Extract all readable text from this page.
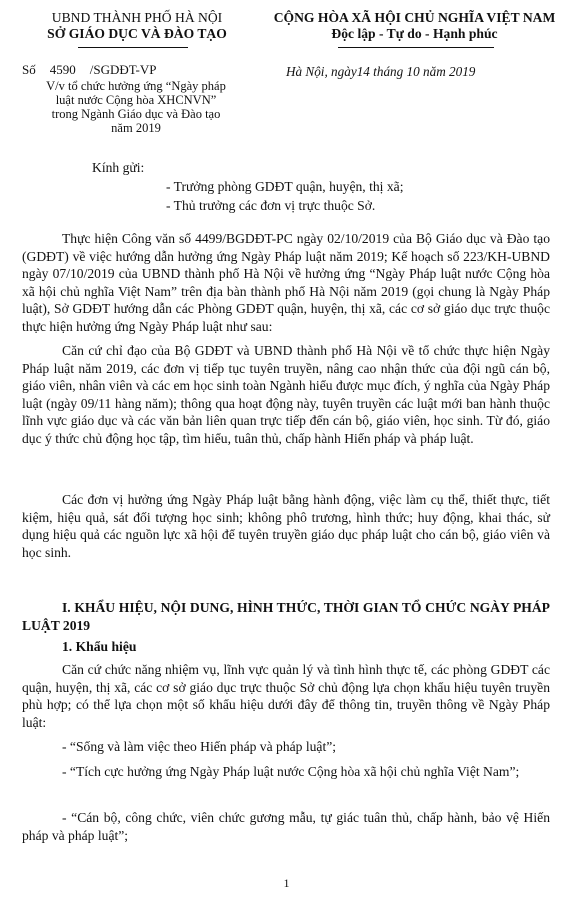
UBND THÀNH PHỐ HÀ NỘI
SỞ GIÁO DỤC VÀ ĐÀO TẠO
CỘNG HÒA XÃ HỘI CHỦ NGHĨA VIỆT NAM
Độc lập - Tự do - Hạnh phúc
Số 4590 /SGDĐT-VP
V/v tổ chức hưởng ứng “Ngày pháp
luật nước Cộng hòa XHCNVN”
trong Ngành Giáo dục và Đào tạo
năm 2019
Hà Nội, ngày14 tháng 10 năm 2019
Kính gửi:
- Trưởng phòng GDĐT quận, huyện, thị xã;
- Thủ trưởng các đơn vị trực thuộc Sở.

Thực hiện Công văn số 4499/BGDĐT-PC ngày 02/10/2019 của Bộ Giáo dục và Đào tạo (GDĐT) về việc hướng dẫn hưởng ứng Ngày Pháp luật năm 2019; Kế hoạch số 223/KH-UBND ngày 07/10/2019 của UBND thành phố Hà Nội về hưởng ứng “Ngày Pháp luật nước Cộng hòa xã hội chủ nghĩa Việt Nam” trên địa bàn thành phố Hà Nội năm 2019 (gọi chung là Ngày Pháp luật), Sở GDĐT hướng dẫn các Phòng GDĐT quận, huyện, thị xã, các cơ sở giáo dục trực thuộc thực hiện hưởng ứng Ngày Pháp luật như sau:

Căn cứ chỉ đạo của Bộ GDĐT và UBND thành phố Hà Nội về tổ chức thực hiện Ngày Pháp luật năm 2019, các đơn vị tiếp tục tuyên truyền, nâng cao nhận thức của đội ngũ cán bộ, giáo viên, nhân viên và các em học sinh toàn Ngành hiểu được mục đích, ý nghĩa của Ngày Pháp luật (ngày 09/11 hàng năm); thông qua hoạt động này, tuyên truyền các luật mới ban hành thuộc lĩnh vực giáo dục và các văn bản liên quan trực tiếp đến cán bộ, giáo viên, học sinh. Từ đó, giáo dục ý thức chủ động học tập, tìm hiểu, tuân thủ, chấp hành Hiến pháp và pháp luật.

Các đơn vị hưởng ứng Ngày Pháp luật bằng hành động, việc làm cụ thể, thiết thực, tiết kiệm, hiệu quả, sát đối tượng học sinh; không phô trương, hình thức; huy động, khai thác, sử dụng hiệu quả các nguồn lực xã hội để tuyên truyền giáo dục pháp luật cho cán bộ, giáo viên và học sinh.

I. KHẨU HIỆU, NỘI DUNG, HÌNH THỨC, THỜI GIAN TỔ CHỨC NGÀY PHÁP LUẬT 2019

1. Khẩu hiệu

Căn cứ chức năng nhiệm vụ, lĩnh vực quản lý và tình hình thực tế, các phòng GDĐT các quận, huyện, thị xã, các cơ sở giáo dục trực thuộc Sở chủ động lựa chọn khẩu hiệu tuyên truyền phù hợp; có thể lựa chọn một số khẩu hiệu dưới đây để thông tin, truyền thông về Ngày Pháp luật:

- “Sống và làm việc theo Hiến pháp và pháp luật”;

- “Tích cực hưởng ứng Ngày Pháp luật nước Cộng hòa xã hội chủ nghĩa Việt Nam”;

- “Cán bộ, công chức, viên chức gương mẫu, tự giác tuân thủ, chấp hành, bảo vệ Hiến pháp và pháp luật”;

1
